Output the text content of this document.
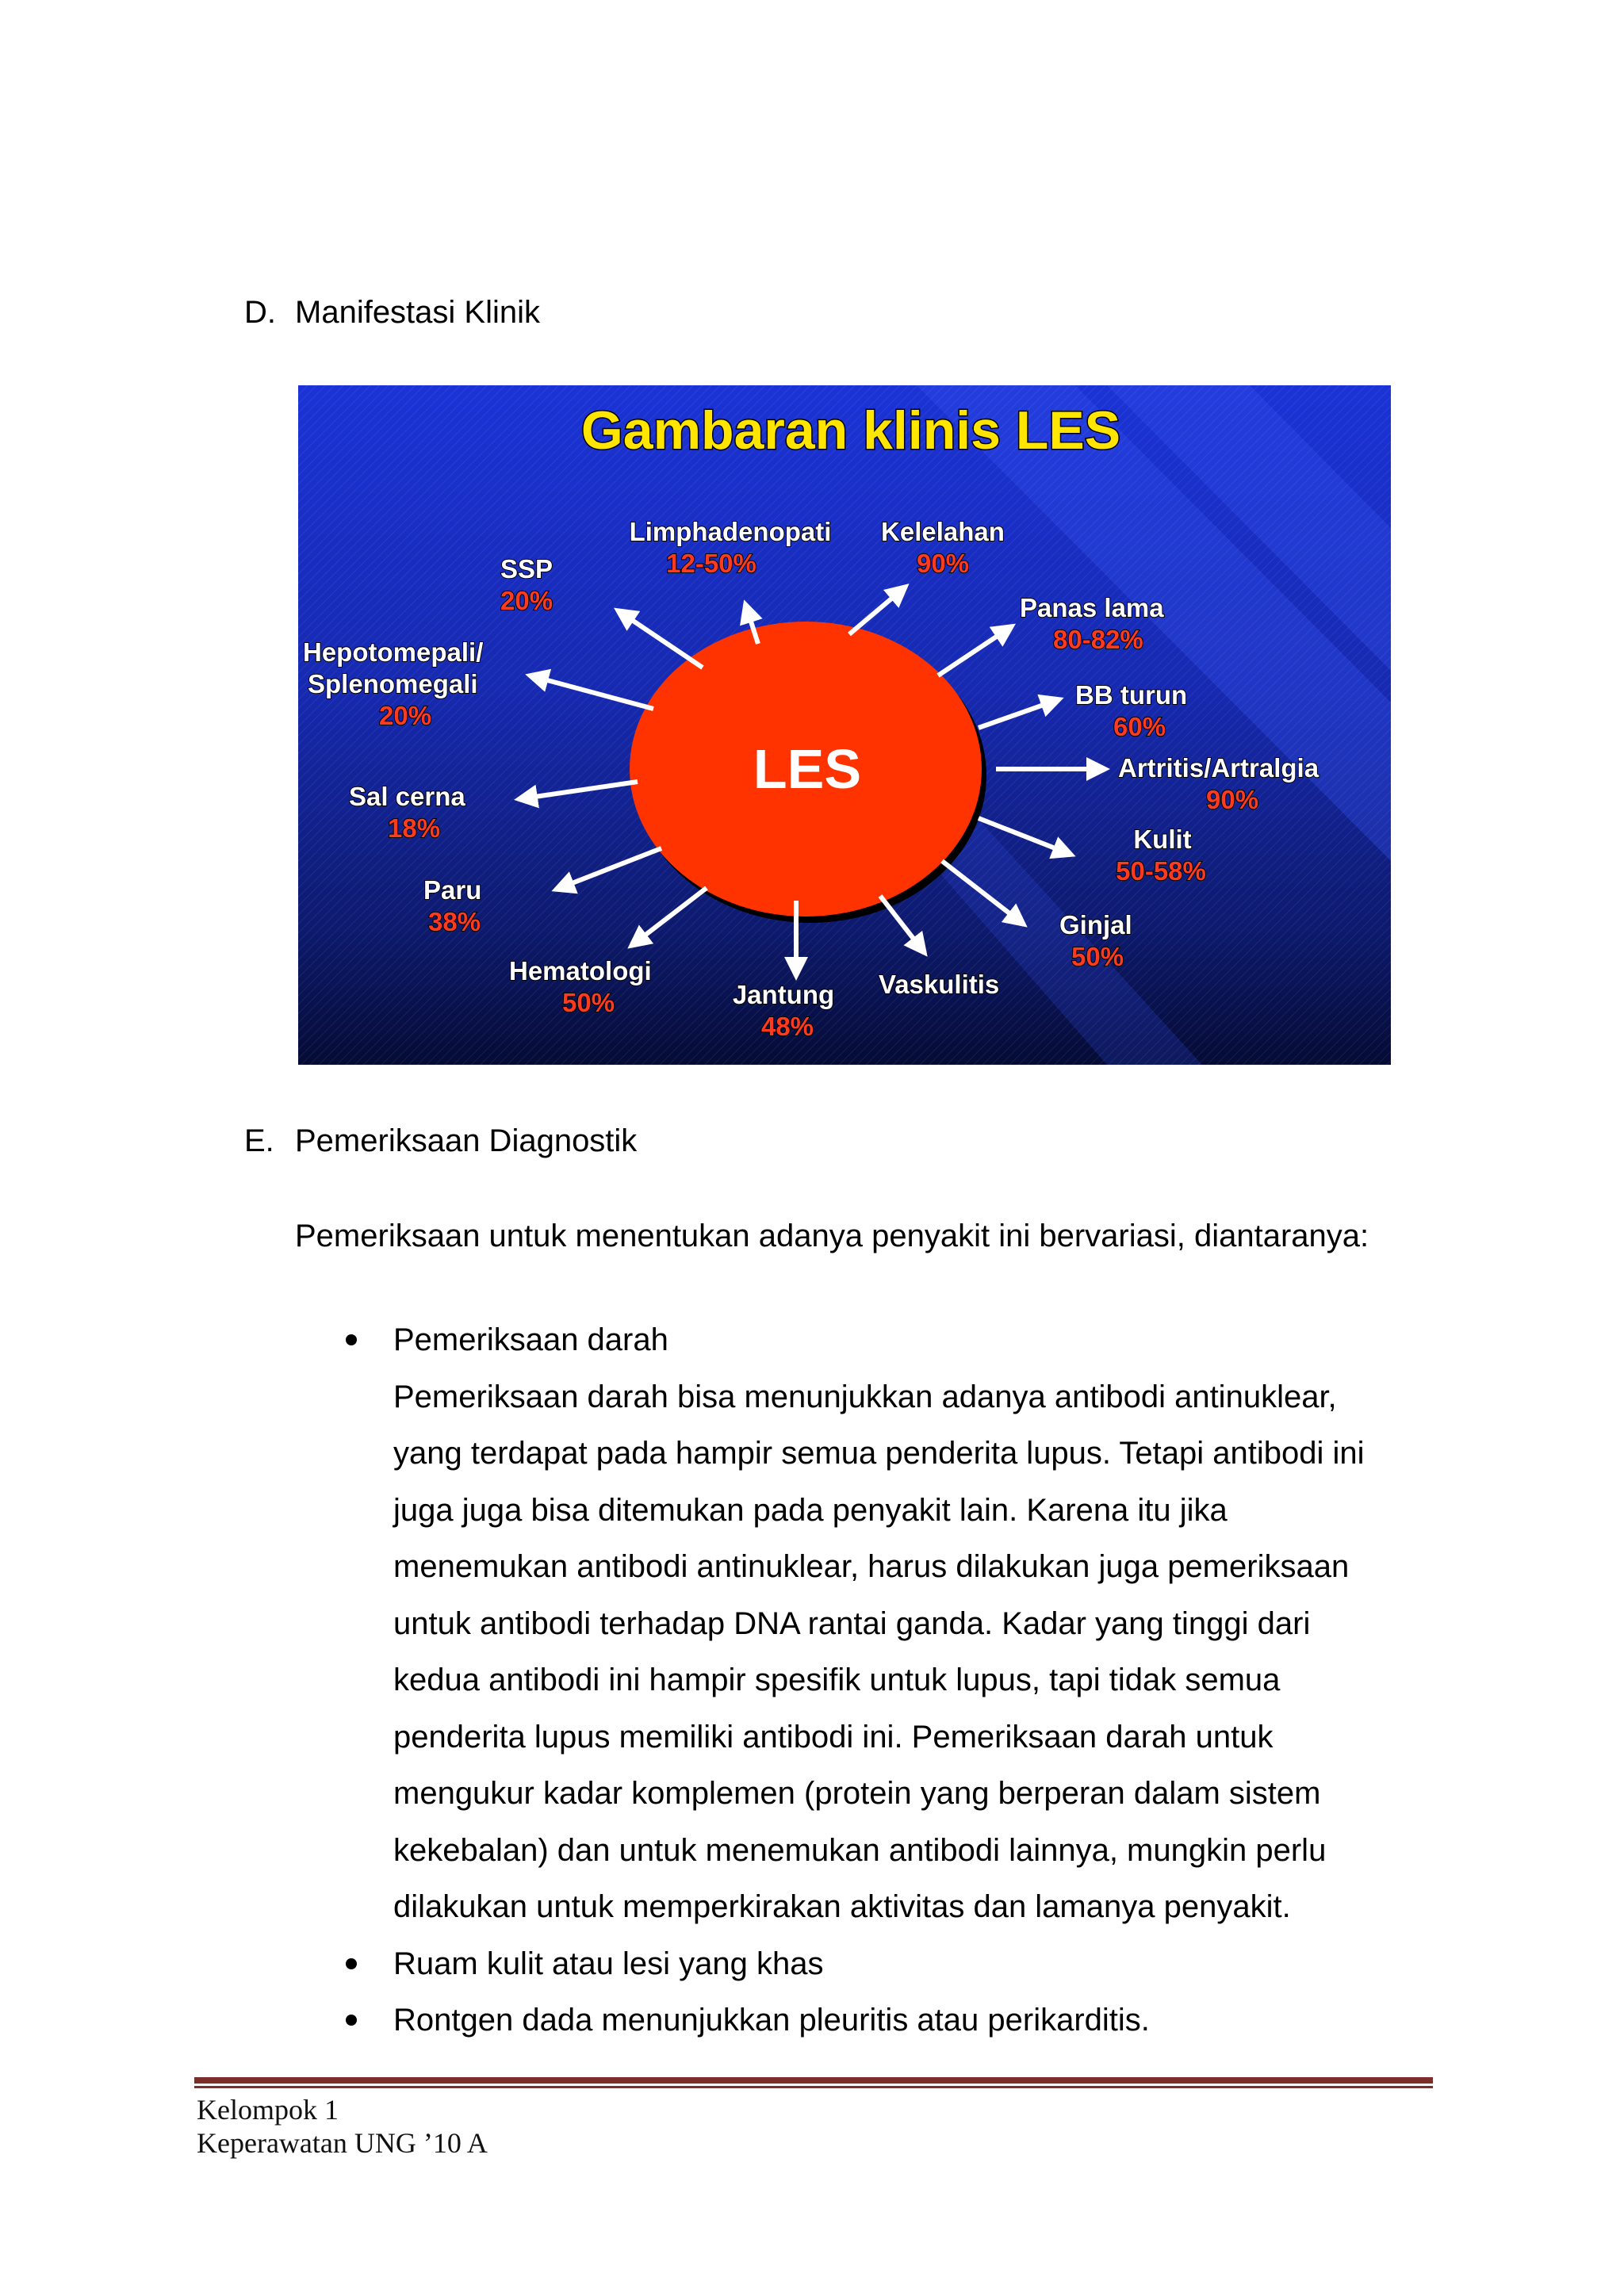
D. Manifestasi Klinik
Gambaran klinis LES
LES
Limphadenopati
12-50%
Kelelahan
90%
Panas lama
80-82%
BB turun
60%
Artritis/Artralgia
90%
Kulit
50-58%
Ginjal
50%
Vaskulitis
Jantung
48%
Hematologi
50%
Paru
38%
Sal cerna
18%
Hepotomepali/
Splenomegali
20%
SSP
20%
E. Pemeriksaan Diagnostik
Pemeriksaan untuk menentukan adanya penyakit ini bervariasi, diantaranya:
Pemeriksaan darah
Pemeriksaan darah bisa menunjukkan adanya antibodi antinuklear,
yang terdapat pada hampir semua penderita lupus. Tetapi antibodi ini
juga juga bisa ditemukan pada penyakit lain. Karena itu jika
menemukan antibodi antinuklear, harus dilakukan juga pemeriksaan
untuk antibodi terhadap DNA rantai ganda. Kadar yang tinggi dari
kedua antibodi ini hampir spesifik untuk lupus, tapi tidak semua
penderita lupus memiliki antibodi ini. Pemeriksaan darah untuk
mengukur kadar komplemen (protein yang berperan dalam sistem
kekebalan) dan untuk menemukan antibodi lainnya, mungkin perlu
dilakukan untuk memperkirakan aktivitas dan lamanya penyakit.
Ruam kulit atau lesi yang khas
Rontgen dada menunjukkan pleuritis atau perikarditis.
Kelompok 1
Keperawatan UNG ’10 A
